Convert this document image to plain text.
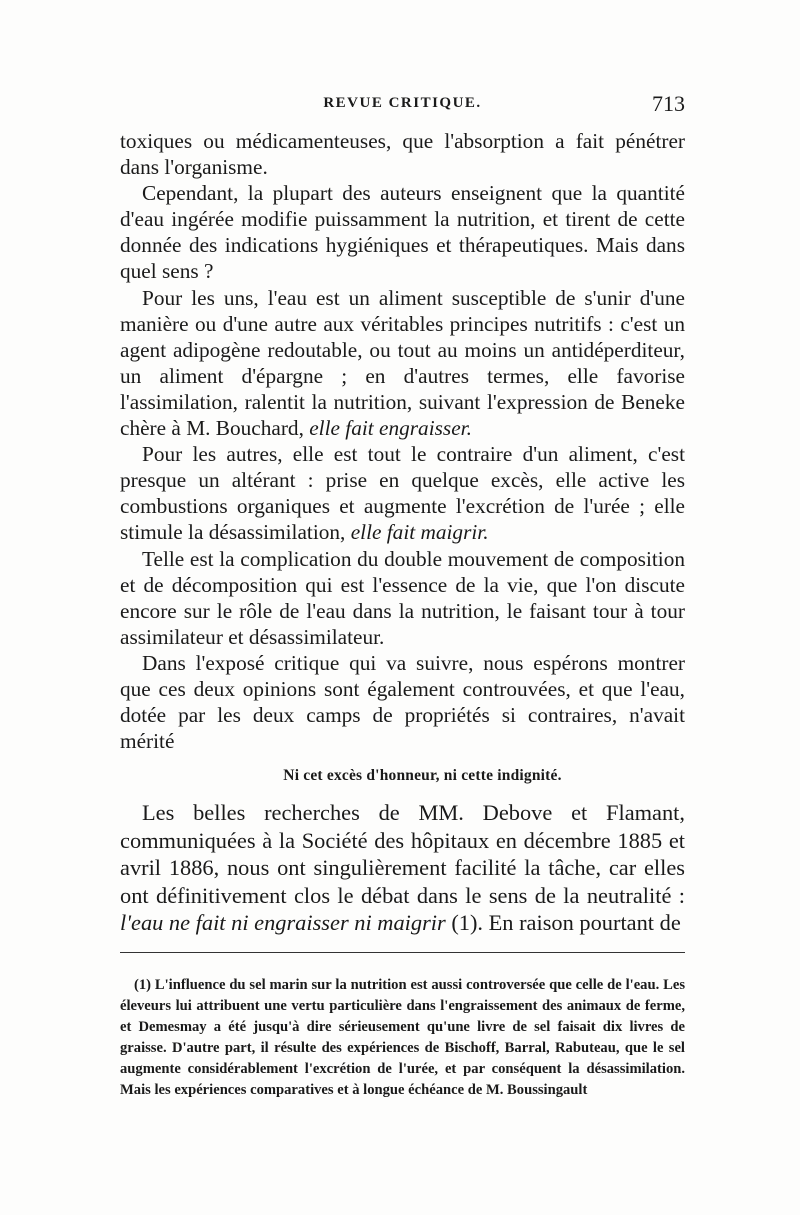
REVUE CRITIQUE.	713

toxiques ou médicamenteuses, que l'absorption a fait pénétrer dans l'organisme.

Cependant, la plupart des auteurs enseignent que la quantité d'eau ingérée modifie puissamment la nutrition, et tirent de cette donnée des indications hygiéniques et thérapeutiques. Mais dans quel sens ?

Pour les uns, l'eau est un aliment susceptible de s'unir d'une manière ou d'une autre aux véritables principes nutritifs : c'est un agent adipogène redoutable, ou tout au moins un antidéperditeur, un aliment d'épargne ; en d'autres termes, elle favorise l'assimilation, ralentit la nutrition, suivant l'expression de Beneke chère à M. Bouchard, elle fait engraisser.

Pour les autres, elle est tout le contraire d'un aliment, c'est presque un altérant : prise en quelque excès, elle active les combustions organiques et augmente l'excrétion de l'urée ; elle stimule la désassimilation, elle fait maigrir.

Telle est la complication du double mouvement de composition et de décomposition qui est l'essence de la vie, que l'on discute encore sur le rôle de l'eau dans la nutrition, le faisant tour à tour assimilateur et désassimilateur.

Dans l'exposé critique qui va suivre, nous espérons montrer que ces deux opinions sont également controuvées, et que l'eau, dotée par les deux camps de propriétés si contraires, n'avait mérité

Ni cet excès d'honneur, ni cette indignité.

Les belles recherches de MM. Debove et Flamant, communiquées à la Société des hôpitaux en décembre 1885 et avril 1886, nous ont singulièrement facilité la tâche, car elles ont définitivement clos le débat dans le sens de la neutralité : l'eau ne fait ni engraisser ni maigrir (1). En raison pourtant de

(1) L'influence du sel marin sur la nutrition est aussi controversée que celle de l'eau. Les éleveurs lui attribuent une vertu particulière dans l'engraissement des animaux de ferme, et Demesmay a été jusqu'à dire sérieusement qu'une livre de sel faisait dix livres de graisse. D'autre part, il résulte des expériences de Bischoff, Barral, Rabuteau, que le sel augmente considérablement l'excrétion de l'urée, et par conséquent la désassimilation. Mais les expériences comparatives et à longue échéance de M. Boussingault
